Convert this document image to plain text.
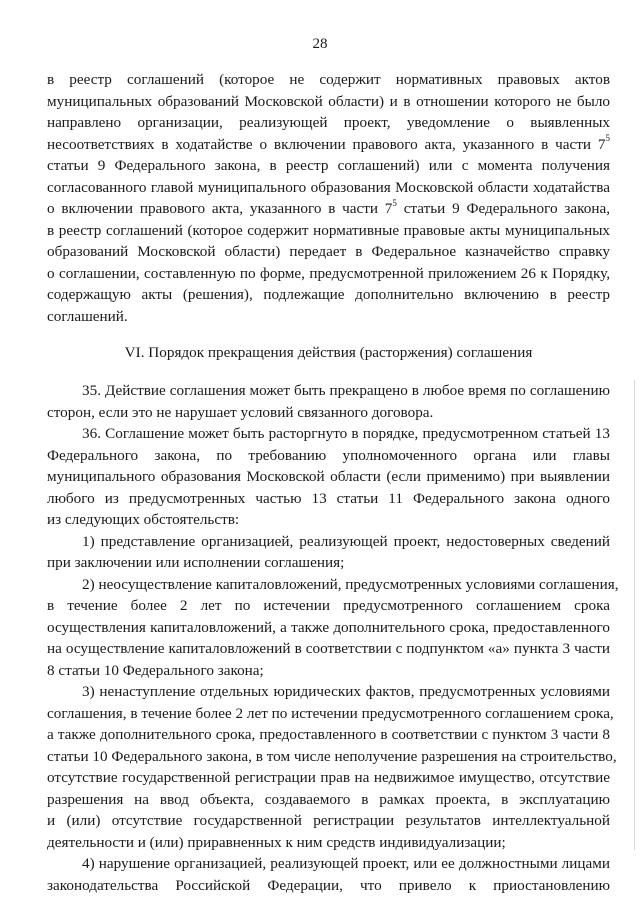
28
в реестр соглашений (которое не содержит нормативных правовых актов
муниципальных образований Московской области) и в отношении которого не было
направлено организации, реализующей проект, уведомление о выявленных
несоответствиях в ходатайстве о включении правового акта, указанного в части $7^5$
статьи 9 Федерального закона, в реестр соглашений) или с момента получения
согласованного главой муниципального образования Московской области ходатайства
о включении правового акта, указанного в части $7^5$ статьи 9 Федерального закона,
в реестр соглашений (которое содержит нормативные правовые акты муниципальных
образований Московской области) передает в Федеральное казначейство справку
о соглашении, составленную по форме, предусмотренной приложением 26 к Порядку,
содержащую акты (решения), подлежащие дополнительно включению в реестр
соглашений.
VI. Порядок прекращения действия (расторжения) соглашения
35. Действие соглашения может быть прекращено в любое время по соглашению
сторон, если это не нарушает условий связанного договора.
36. Соглашение может быть расторгнуто в порядке, предусмотренном статьей 13
Федерального закона, по требованию уполномоченного органа или главы
муниципального образования Московской области (если применимо) при выявлении
любого из предусмотренных частью 13 статьи 11 Федерального закона одного
из следующих обстоятельств:
1) представление организацией, реализующей проект, недостоверных сведений
при заключении или исполнении соглашения;
2) неосуществление капиталовложений, предусмотренных условиями соглашения,
в течение более 2 лет по истечении предусмотренного соглашением срока
осуществления капиталовложений, а также дополнительного срока, предоставленного
на осуществление капиталовложений в соответствии с подпунктом «а» пункта 3 части
8 статьи 10 Федерального закона;
3) ненаступление отдельных юридических фактов, предусмотренных условиями
соглашения, в течение более 2 лет по истечении предусмотренного соглашением срока,
а также дополнительного срока, предоставленного в соответствии с пунктом 3 части 8
статьи 10 Федерального закона, в том числе неполучение разрешения на строительство,
отсутствие государственной регистрации прав на недвижимое имущество, отсутствие
разрешения на ввод объекта, создаваемого в рамках проекта, в эксплуатацию
и (или) отсутствие государственной регистрации результатов интеллектуальной
деятельности и (или) приравненных к ним средств индивидуализации;
4) нарушение организацией, реализующей проект, или ее должностными лицами
законодательства Российской Федерации, что привело к приостановлению
